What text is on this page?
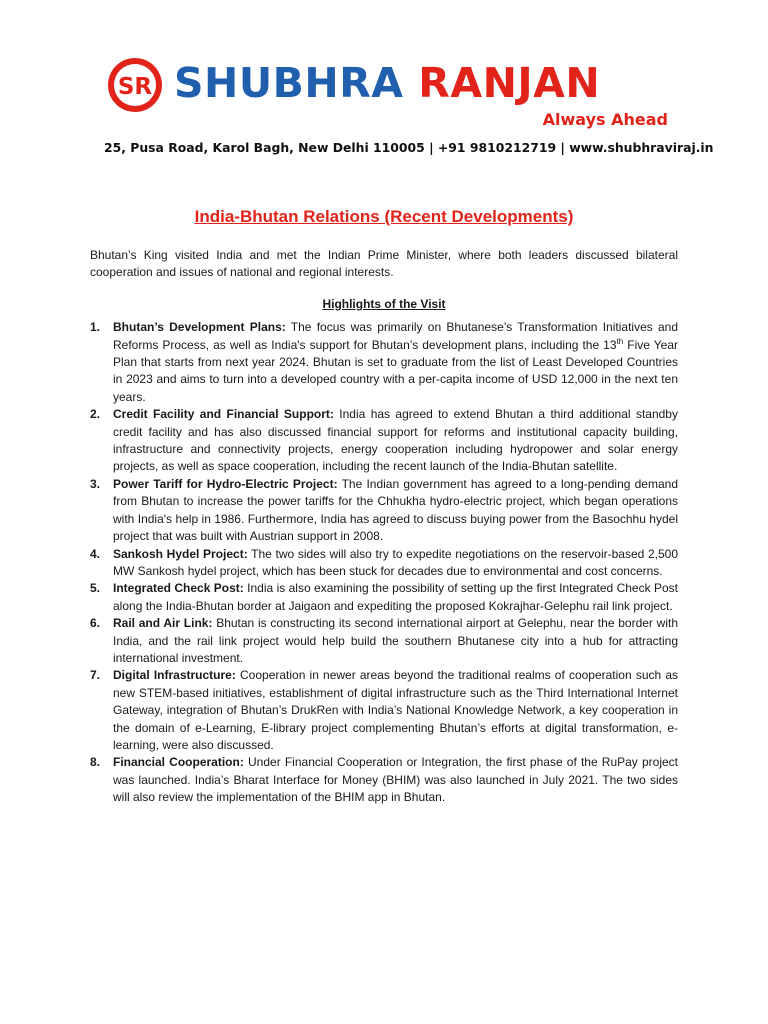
SR SHUBHRA RANJAN
Always Ahead
25, Pusa Road, Karol Bagh, New Delhi 110005 | +91 9810212719 | www.shubhraviraj.in
India-Bhutan Relations (Recent Developments)

Bhutan’s King visited India and met the Indian Prime Minister, where both leaders discussed bilateral cooperation and issues of national and regional interests.

Highlights of the Visit
1.	Bhutan’s Development Plans: The focus was primarily on Bhutanese’s Transformation Initiatives and Reforms Process, as well as India's support for Bhutan’s development plans, including the 13th Five Year Plan that starts from next year 2024. Bhutan is set to graduate from the list of Least Developed Countries in 2023 and aims to turn into a developed country with a per-capita income of USD 12,000 in the next ten years.
2.	Credit Facility and Financial Support: India has agreed to extend Bhutan a third additional standby credit facility and has also discussed financial support for reforms and institutional capacity building, infrastructure and connectivity projects, energy cooperation including hydropower and solar energy projects, as well as space cooperation, including the recent launch of the India-Bhutan satellite.
3.	Power Tariff for Hydro-Electric Project: The Indian government has agreed to a long-pending demand from Bhutan to increase the power tariffs for the Chhukha hydro-electric project, which began operations with India's help in 1986. Furthermore, India has agreed to discuss buying power from the Basochhu hydel project that was built with Austrian support in 2008.
4.	Sankosh Hydel Project: The two sides will also try to expedite negotiations on the reservoir-based 2,500 MW Sankosh hydel project, which has been stuck for decades due to environmental and cost concerns.
5.	Integrated Check Post: India is also examining the possibility of setting up the first Integrated Check Post along the India-Bhutan border at Jaigaon and expediting the proposed Kokrajhar-Gelephu rail link project.
6.	Rail and Air Link: Bhutan is constructing its second international airport at Gelephu, near the border with India, and the rail link project would help build the southern Bhutanese city into a hub for attracting international investment.
7.	Digital Infrastructure: Cooperation in newer areas beyond the traditional realms of cooperation such as new STEM-based initiatives, establishment of digital infrastructure such as the Third International Internet Gateway, integration of Bhutan’s DrukRen with India’s National Knowledge Network, a key cooperation in the domain of e-Learning, E-library project complementing Bhutan’s efforts at digital transformation, e-learning, were also discussed.
8.	Financial Cooperation: Under Financial Cooperation or Integration, the first phase of the RuPay project was launched. India’s Bharat Interface for Money (BHIM) was also launched in July 2021. The two sides will also review the implementation of the BHIM app in Bhutan.
